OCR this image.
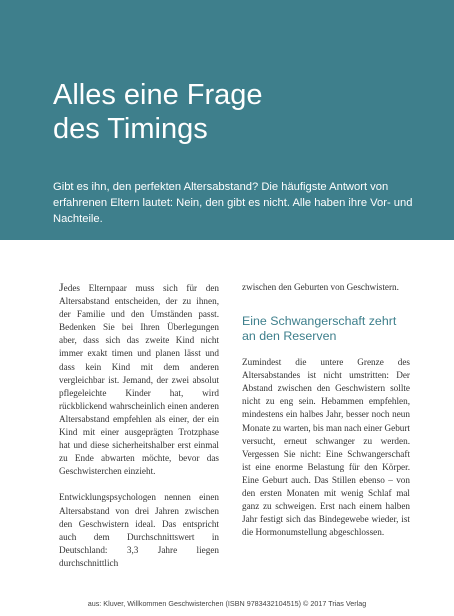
Alles eine Frage
des Timings

Gibt es ihn, den perfekten Altersabstand? Die häufigste Antwort von erfahrenen Eltern lautet: Nein, den gibt es nicht. Alle haben ihre Vor- und Nachteile.

Jedes Elternpaar muss sich für den Altersabstand entscheiden, der zu ihnen, der Familie und den Umständen passt. Bedenken Sie bei Ihren Überlegungen aber, dass sich das zweite Kind nicht immer exakt timen und planen lässt und dass kein Kind mit dem anderen vergleichbar ist. Jemand, der zwei absolut pflegeleichte Kinder hat, wird rückblickend wahrscheinlich einen anderen Altersabstand empfehlen als einer, der ein Kind mit einer ausgeprägten Trotzphase hat und diese sicherheitshalber erst einmal zu Ende abwarten möchte, bevor das Geschwisterchen einzieht.

Entwicklungspsychologen nennen einen Altersabstand von drei Jahren zwischen den Geschwistern ideal. Das entspricht auch dem Durchschnittswert in Deutschland: 3,3 Jahre liegen durchschnittlich

zwischen den Geburten von Geschwistern.

Eine Schwangerschaft zehrt
an den Reserven

Zumindest die untere Grenze des Altersabstandes ist nicht umstritten: Der Abstand zwischen den Geschwistern sollte nicht zu eng sein. Hebammen empfehlen, mindestens ein halbes Jahr, besser noch neun Monate zu warten, bis man nach einer Geburt versucht, erneut schwanger zu werden. Vergessen Sie nicht: Eine Schwangerschaft ist eine enorme Belastung für den Körper. Eine Geburt auch. Das Stillen ebenso – von den ersten Monaten mit wenig Schlaf mal ganz zu schweigen. Erst nach einem halben Jahr festigt sich das Bindegewebe wieder, ist die Hormonumstellung abgeschlossen.

aus: Kluver, Willkommen Geschwisterchen (ISBN 9783432104515) © 2017 Trias Verlag
